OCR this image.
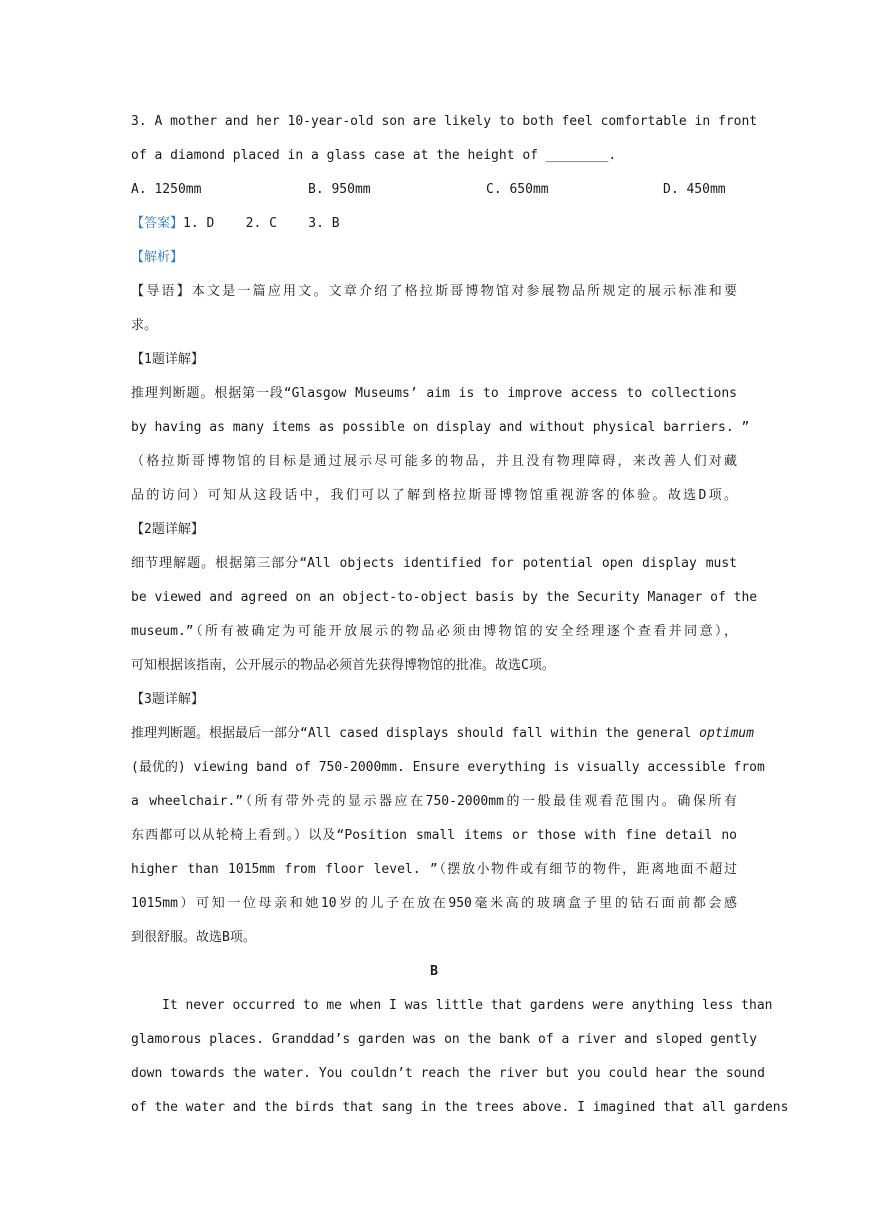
3. A mother and her 10-year-old son are likely to both feel comfortable in front
of a diamond placed in a glass case at the height of ________.
A. 1250mm	B. 950mm	C. 650mm	D. 450mm
【答案】1. D    2. C    3. B
【解析】
【导语】本文是一篇应用文。文章介绍了格拉斯哥博物馆对参展物品所规定的展示标准和要
求。
【1题详解】
推理判断题。根据第一段“Glasgow Museums’ aim is to improve access to collections
by having as many items as possible on display and without physical barriers. ”
（格拉斯哥博物馆的目标是通过展示尽可能多的物品，并且没有物理障碍，来改善人们对藏
品的访问）可知从这段话中，我们可以了解到格拉斯哥博物馆重视游客的体验。故选D项。
【2题详解】
细节理解题。根据第三部分“All objects identified for potential open display must
be viewed and agreed on an object-to-object basis by the Security Manager of the
museum.”（所有被确定为可能开放展示的物品必须由博物馆的安全经理逐个查看并同意），
可知根据该指南，公开展示的物品必须首先获得博物馆的批准。故选C项。
【3题详解】
推理判断题。根据最后一部分“All cased displays should fall within the general optimum
(最优的) viewing band of 750-2000mm. Ensure everything is visually accessible from
a wheelchair.”（所有带外壳的显示器应在750-2000mm的一般最佳观看范围内。确保所有
东西都可以从轮椅上看到。）以及“Position small items or those with fine detail no
higher than 1015mm from floor level. ”（摆放小物件或有细节的物件，距离地面不超过
1015mm）可知一位母亲和她10岁的儿子在放在950毫米高的玻璃盒子里的钻石面前都会感
到很舒服。故选B项。
B
It never occurred to me when I was little that gardens were anything less than
glamorous places. Granddad’s garden was on the bank of a river and sloped gently
down towards the water. You couldn’t reach the river but you could hear the sound
of the water and the birds that sang in the trees above. I imagined that all gardens
